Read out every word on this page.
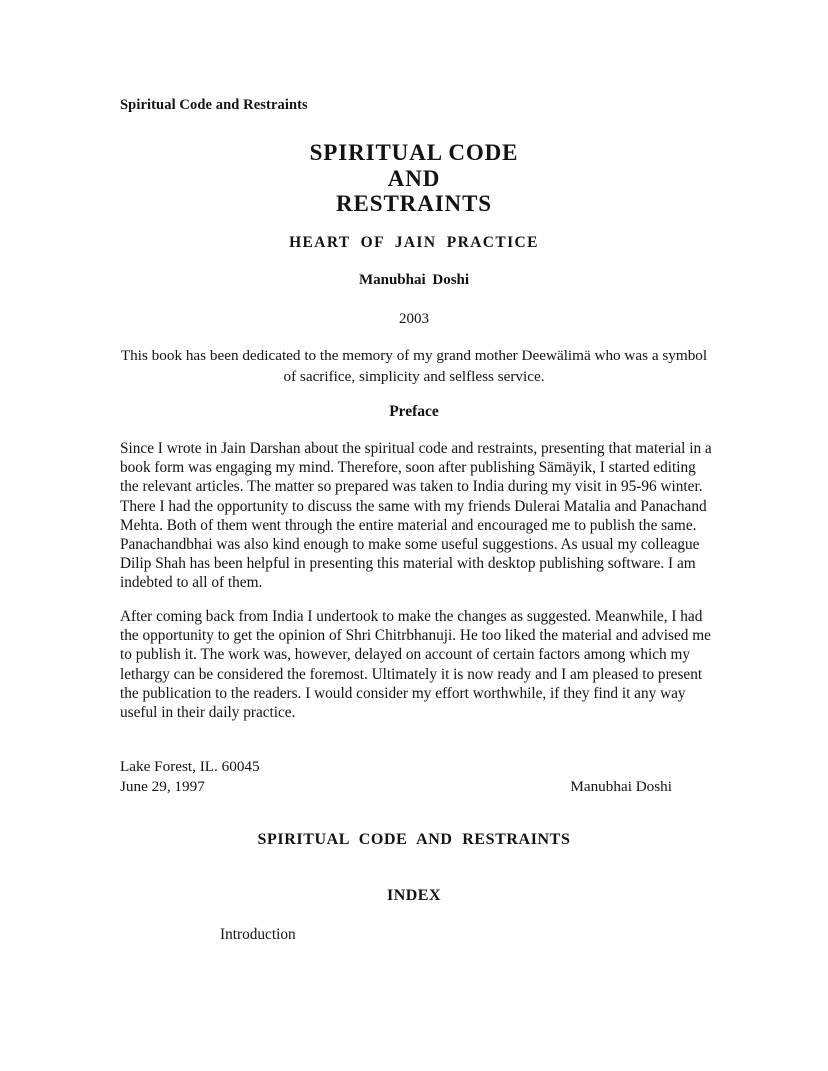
Spiritual Code and Restraints
SPIRITUAL CODE
AND
RESTRAINTS
HEART OF JAIN PRACTICE
Manubhai Doshi
2003
This book has been dedicated to the memory of my grand mother Deewälimä who was a symbol of sacrifice, simplicity and selfless service.
Preface
Since I wrote in Jain Darshan about the spiritual code and restraints, presenting that material in a book form was engaging my mind. Therefore, soon after publishing Sämäyik, I started editing the relevant articles. The matter so prepared was taken to India during my visit in 95-96 winter. There I had the opportunity to discuss the same with my friends Dulerai Matalia and Panachand Mehta. Both of them went through the entire material and encouraged me to publish the same. Panachandbhai was also kind enough to make some useful suggestions. As usual my colleague Dilip Shah has been helpful in presenting this material with desktop publishing software. I am indebted to all of them.
After coming back from India I undertook to make the changes as suggested. Meanwhile, I had the opportunity to get the opinion of Shri Chitrbhanuji. He too liked the material and advised me to publish it. The work was, however, delayed on account of certain factors among which my lethargy can be considered the foremost. Ultimately it is now ready and I am pleased to present the publication to the readers. I would consider my effort worthwhile, if they find it any way useful in their daily practice.
Lake Forest, IL. 60045
June 29, 1997	Manubhai Doshi
SPIRITUAL CODE AND RESTRAINTS
INDEX
Introduction
